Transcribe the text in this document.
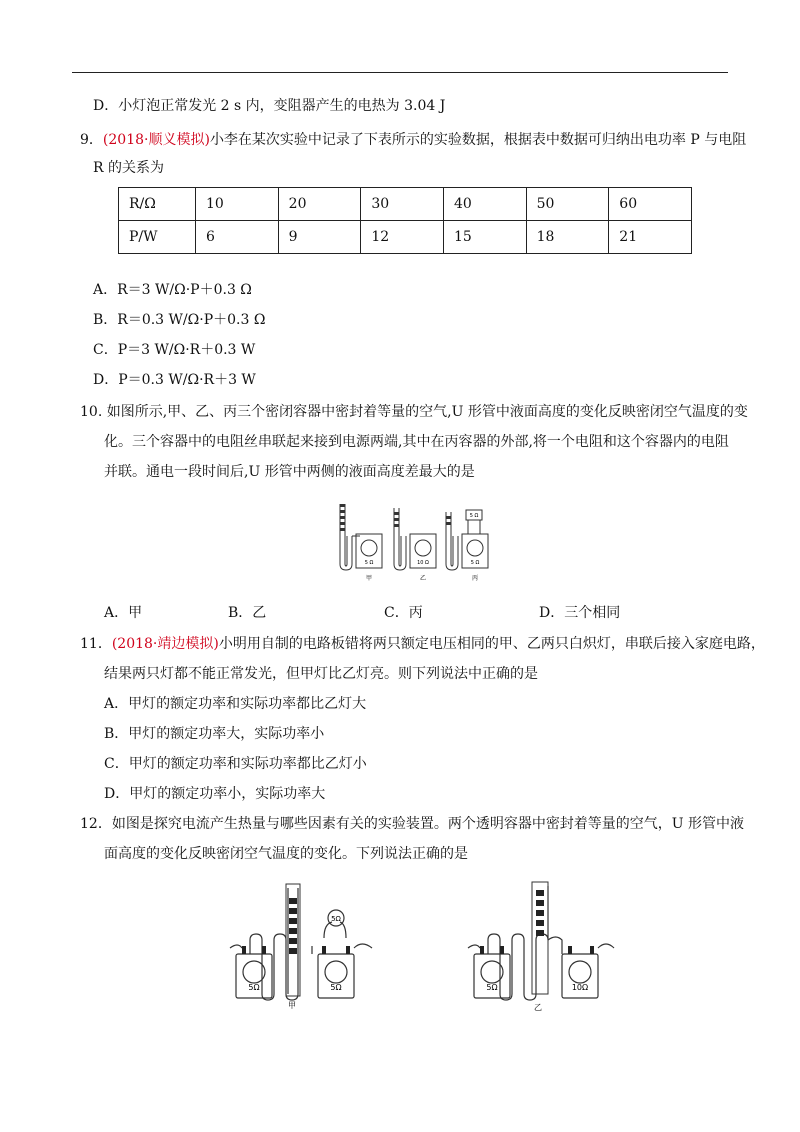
D．小灯泡正常发光 2 s 内，变阻器产生的电热为 3.04 J
9．(2018·顺义模拟)小李在某次实验中记录了下表所示的实验数据，根据表中数据可归纳出电功率 P 与电阻
R 的关系为
R/Ω	10	20	30	40	50	60
P/W	6	9	12	15	18	21
A．R＝3 W/Ω·P＋0.3 Ω
B．R＝0.3 W/Ω·P＋0.3 Ω
C．P＝3 W/Ω·R＋0.3 W
D．P＝0.3 W/Ω·R＋3 W
10. 如图所示,甲、乙、丙三个密闭容器中密封着等量的空气,U 形管中液面高度的变化反映密闭空气温度的变
化。三个容器中的电阻丝串联起来接到电源两端,其中在丙容器的外部,将一个电阻和这个容器内的电阻
并联。通电一段时间后,U 形管中两侧的液面高度差最大的是
5 Ω	10 Ω	5 Ω
5 Ω
甲	乙	丙
A．甲	B．乙	C．丙	D．三个相同
11．(2018·靖边模拟)小明用自制的电路板错将两只额定电压相同的甲、乙两只白炽灯，串联后接入家庭电路，
结果两只灯都不能正常发光，但甲灯比乙灯亮。则下列说法中正确的是
A．甲灯的额定功率和实际功率都比乙灯大
B．甲灯的额定功率大，实际功率小
C．甲灯的额定功率和实际功率都比乙灯小
D．甲灯的额定功率小，实际功率大
12．如图是探究电流产生热量与哪些因素有关的实验装置。两个透明容器中密封着等量的空气，U 形管中液
面高度的变化反映密闭空气温度的变化。下列说法正确的是
5Ω	5Ω
5Ω
甲
5Ω	10Ω
乙
